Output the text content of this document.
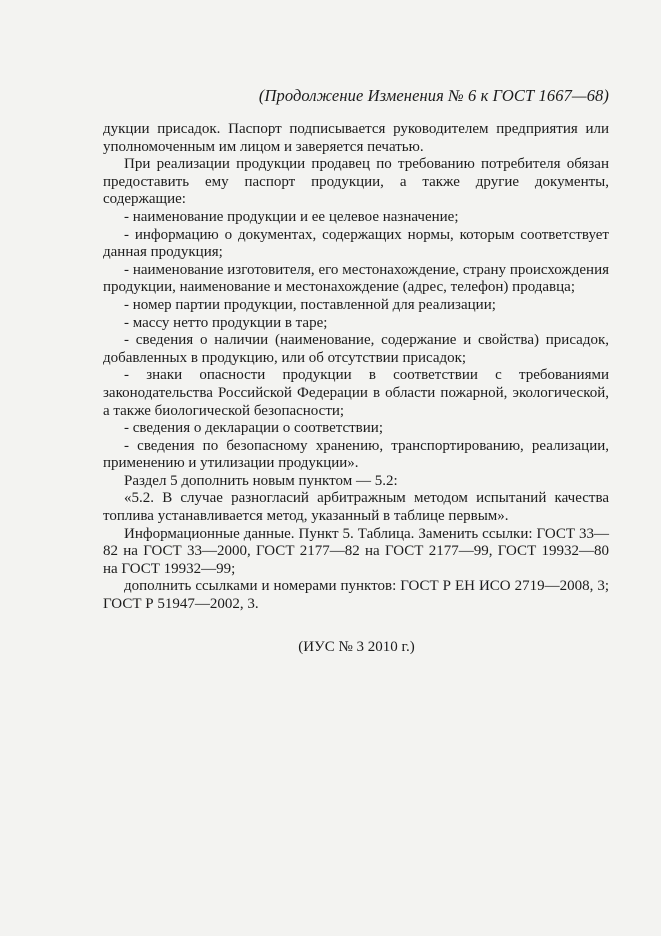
(Продолжение Изменения № 6 к ГОСТ 1667—68)

дукции присадок. Паспорт подписывается руководителем предприятия или уполномоченным им лицом и заверяется печатью.

При реализации продукции продавец по требованию потребителя обязан предоставить ему паспорт продукции, а также другие документы, содержащие:

- наименование продукции и ее целевое назначение;

- информацию о документах, содержащих нормы, которым соответствует данная продукция;

- наименование изготовителя, его местонахождение, страну происхождения продукции, наименование и местонахождение (адрес, телефон) продавца;

- номер партии продукции, поставленной для реализации;

- массу нетто продукции в таре;

- сведения о наличии (наименование, содержание и свойства) присадок, добавленных в продукцию, или об отсутствии присадок;

- знаки опасности продукции в соответствии с требованиями законодательства Российской Федерации в области пожарной, экологической, а также биологической безопасности;

- сведения о декларации о соответствии;

- сведения по безопасному хранению, транспортированию, реализации, применению и утилизации продукции».

Раздел 5 дополнить новым пунктом — 5.2:

«5.2. В случае разногласий арбитражным методом испытаний качества топлива устанавливается метод, указанный в таблице первым».

Информационные данные. Пункт 5. Таблица. Заменить ссылки: ГОСТ 33—82 на ГОСТ 33—2000, ГОСТ 2177—82 на ГОСТ 2177—99, ГОСТ 19932—80 на ГОСТ 19932—99;

дополнить ссылками и номерами пунктов: ГОСТ Р ЕН ИСО 2719—2008, 3; ГОСТ Р 51947—2002, 3.

(ИУС № 3 2010 г.)
